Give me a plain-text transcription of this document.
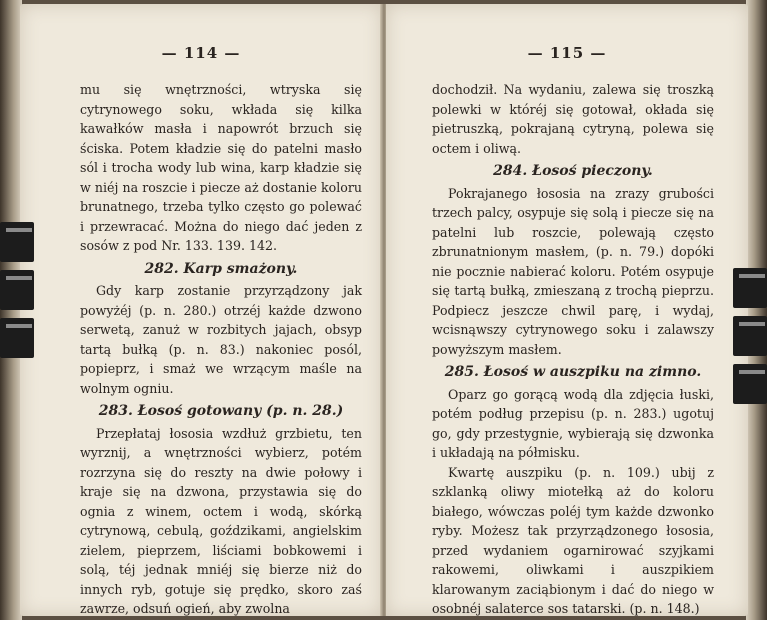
— 114 —

mu się wnętrzności, wtryska się cytrynowego soku, wkłada się kilka kawałków masła i napowrót brzuch się ściska. Potem kładzie się do patelni masło sól i trocha wody lub wina, karp kładzie się w niéj na roszcie i piecze aż dostanie koloru brunatnego, trzeba tylko często go polewać i przewracać. Można do niego dać jeden z sosów z pod Nr. 133. 139. 142.

282. Karp smażony.

Gdy karp zostanie przyrządzony jak powyżéj (p. n. 280.) otrzéj każde dzwono serwetą, zanuż w rozbitych jajach, obsyp tartą bułką (p. n. 83.) nakoniec posól, popieprz, i smaż we wrzącym maśle na wolnym ogniu.

283. Łosoś gotowany (p. n. 28.)

Przepłataj łososia wzdłuż grzbietu, ten wyrznij, a wnętrzności wybierz, potém rozrzyna się do reszty na dwie połowy i kraje się na dzwona, przystawia się do ognia z winem, octem i wodą, skórką cytrynową, cebulą, goździkami, angielskim zielem, pieprzem, liściami bobkowemi i solą, téj jednak mniéj się bierze niż do innych ryb, gotuje się prędko, skoro zaś zawrze, odsuń ogień, aby zwolna

— 115 —

dochodził. Na wydaniu, zalewa się troszką polewki w któréj się gotował, okłada się pietruszką, pokrajaną cytryną, polewa się octem i oliwą.

284. Łosoś pieczony.

Pokrajanego łososia na zrazy grubości trzech palcy, osypuje się solą i piecze się na patelni lub roszcie, polewają często zbrunatnionym masłem, (p. n. 79.) dopóki nie pocznie nabierać koloru. Potém osypuje się tartą bułką, zmieszaną z trochą pieprzu. Podpiecz jeszcze chwil parę, i wydaj, wcisnąwszy cytrynowego soku i zalawszy powyższym masłem.

285. Łosoś w auszpiku na zimno.

Oparz go gorącą wodą dla zdjęcia łuski, potém podług przepisu (p. n. 283.) ugotuj go, gdy przestygnie, wybierają się dzwonka i układają na półmisku.

Kwartę auszpiku (p. n. 109.) ubij z szklanką oliwy miotełką aż do koloru białego, wówczas poléj tym każde dzwonko ryby. Możesz tak przyrządzonego łososia, przed wydaniem ogarnirować szyjkami rakowemi, oliwkami i auszpikiem klarowanym zaciąbionym i dać do niego w osobnéj salaterce sos tatarski. (p. n. 148.)
